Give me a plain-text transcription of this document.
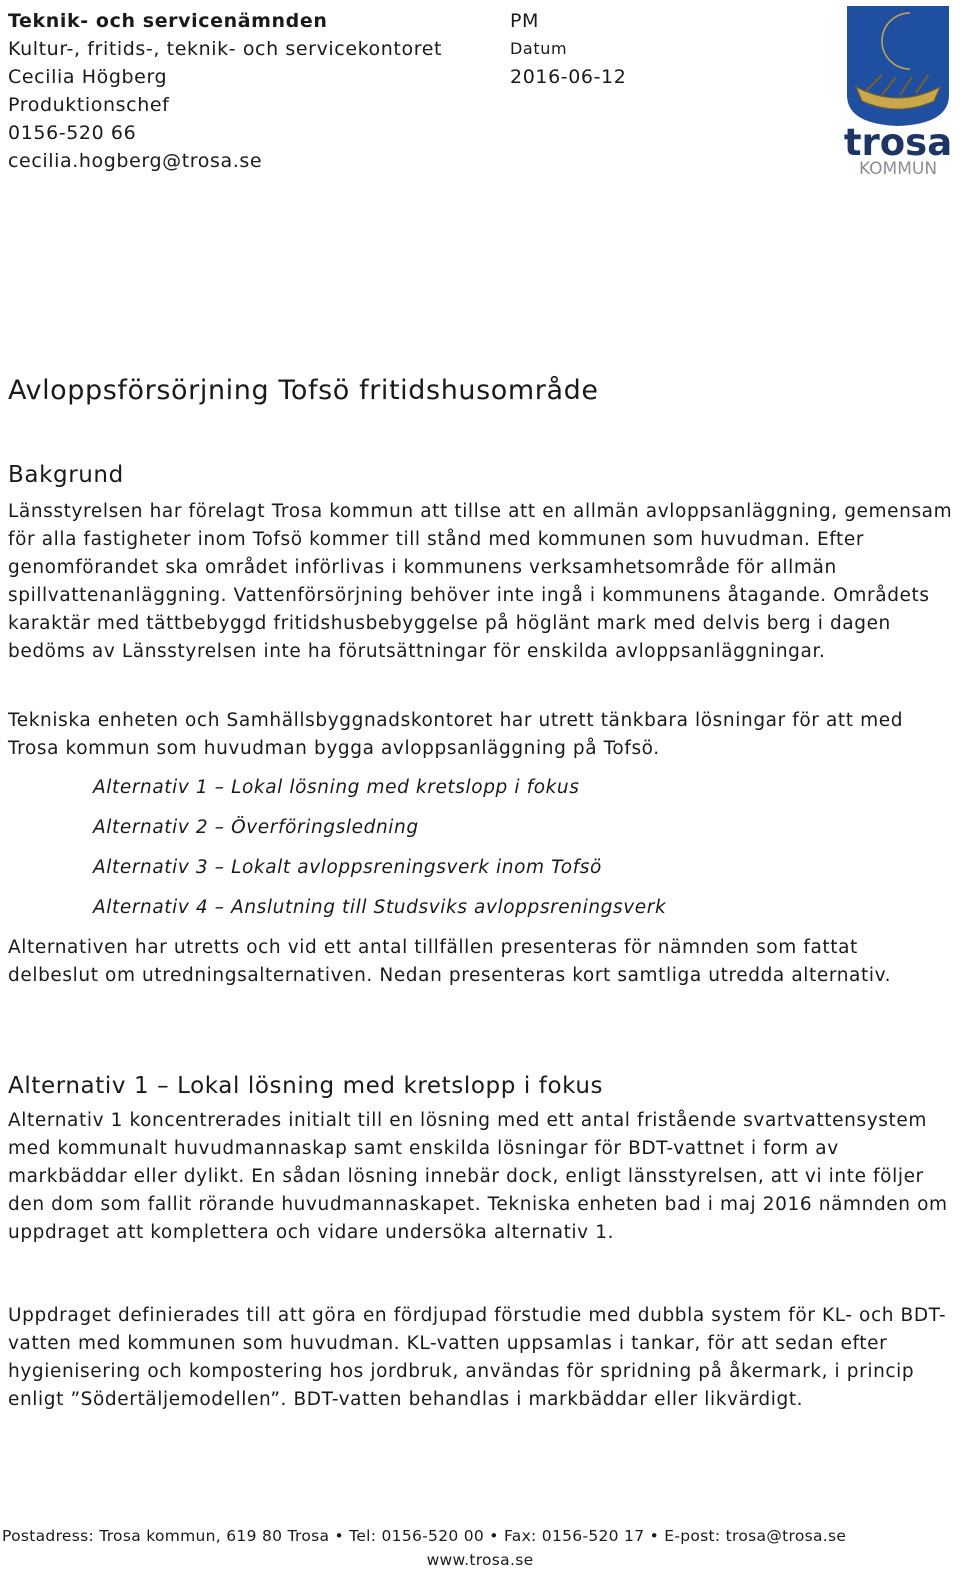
Teknik- och servicenämnden
Kultur-, fritids-, teknik- och servicekontoret
Cecilia Högberg
Produktionschef
0156-520 66
cecilia.hogberg@trosa.se
PM
Datum
2016-06-12
trosa
KOMMUN
Avloppsförsörjning Tofsö fritidshusområde
Bakgrund

Länsstyrelsen har förelagt Trosa kommun att tillse att en allmän avloppsanläggning, gemensam för alla fastigheter inom Tofsö kommer till stånd med kommunen som huvudman. Efter genomförandet ska området införlivas i kommunens verksamhetsområde för allmän spillvattenanläggning. Vattenförsörjning behöver inte ingå i kommunens åtagande. Områdets karaktär med tättbebyggd fritidshusbebyggelse på höglänt mark med delvis berg i dagen bedöms av Länsstyrelsen inte ha förutsättningar för enskilda avloppsanläggningar.

Tekniska enheten och Samhällsbyggnadskontoret har utrett tänkbara lösningar för att med Trosa kommun som huvudman bygga avloppsanläggning på Tofsö.

Alternativ 1 – Lokal lösning med kretslopp i fokus
Alternativ 2 – Överföringsledning
Alternativ 3 – Lokalt avloppsreningsverk inom Tofsö
Alternativ 4 – Anslutning till Studsviks avloppsreningsverk

Alternativen har utretts och vid ett antal tillfällen presenteras för nämnden som fattat delbeslut om utredningsalternativen. Nedan presenteras kort samtliga utredda alternativ.

Alternativ 1 – Lokal lösning med kretslopp i fokus

Alternativ 1 koncentrerades initialt till en lösning med ett antal fristående svartvattensystem med kommunalt huvudmannaskap samt enskilda lösningar för BDT-vattnet i form av markbäddar eller dylikt. En sådan lösning innebär dock, enligt länsstyrelsen, att vi inte följer den dom som fallit rörande huvudmannaskapet. Tekniska enheten bad i maj 2016 nämnden om uppdraget att komplettera och vidare undersöka alternativ 1.

Uppdraget definierades till att göra en fördjupad förstudie med dubbla system för KL- och BDT-vatten med kommunen som huvudman. KL-vatten uppsamlas i tankar, för att sedan efter hygienisering och kompostering hos jordbruk, användas för spridning på åkermark, i princip enligt ”Södertäljemodellen”. BDT-vatten behandlas i markbäddar eller likvärdigt.

Postadress: Trosa kommun, 619 80 Trosa • Tel: 0156-520 00 • Fax: 0156-520 17 • E-post: trosa@trosa.se
www.trosa.se
